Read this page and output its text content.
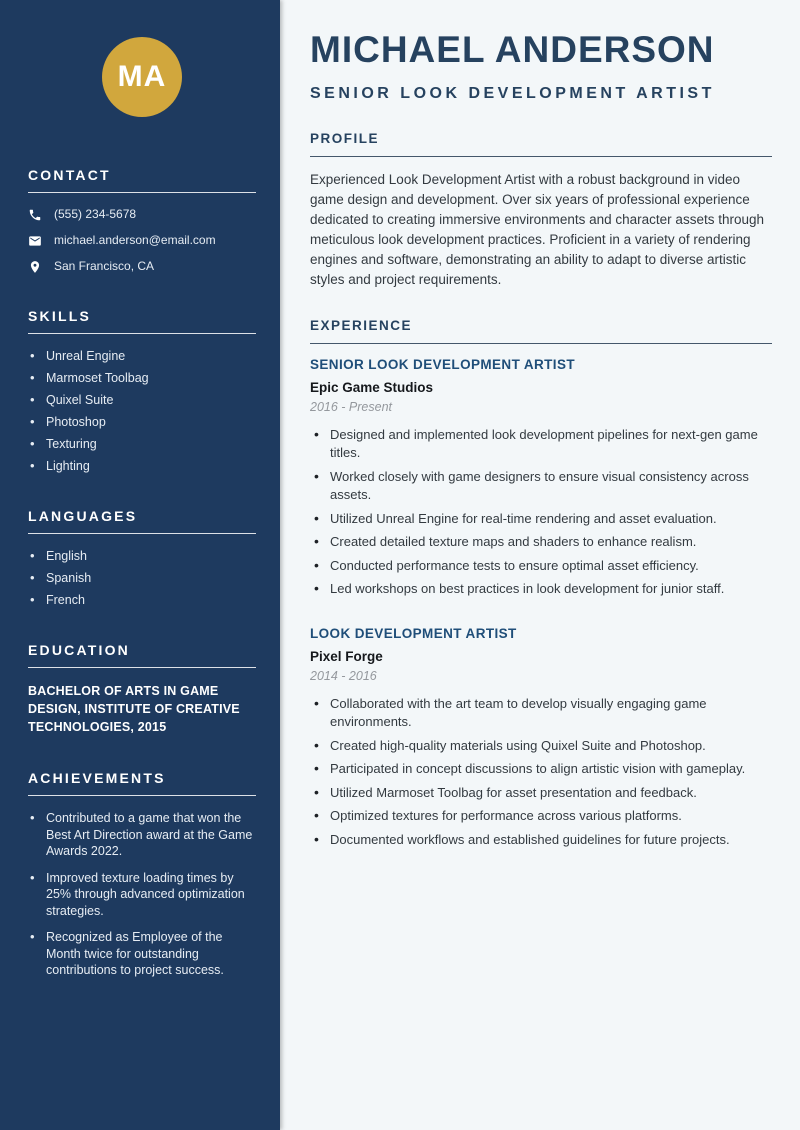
MA
CONTACT
(555) 234-5678
michael.anderson@email.com
San Francisco, CA
SKILLS
• Unreal Engine
• Marmoset Toolbag
• Quixel Suite
• Photoshop
• Texturing
• Lighting
LANGUAGES
• English
• Spanish
• French
EDUCATION

BACHELOR OF ARTS IN GAME DESIGN, INSTITUTE OF CREATIVE TECHNOLOGIES, 2015

ACHIEVEMENTS
• Contributed to a game that won the Best Art Direction award at the Game Awards 2022.
• Improved texture loading times by 25% through advanced optimization strategies.
• Recognized as Employee of the Month twice for outstanding contributions to project success.
MICHAEL ANDERSON
SENIOR LOOK DEVELOPMENT ARTIST
PROFILE

Experienced Look Development Artist with a robust background in video game design and development. Over six years of professional experience dedicated to creating immersive environments and character assets through meticulous look development practices. Proficient in a variety of rendering engines and software, demonstrating an ability to adapt to diverse artistic styles and project requirements.

EXPERIENCE
SENIOR LOOK DEVELOPMENT ARTIST
Epic Game Studios
2016 - Present
• Designed and implemented look development pipelines for next-gen game titles.
• Worked closely with game designers to ensure visual consistency across assets.
• Utilized Unreal Engine for real-time rendering and asset evaluation.
• Created detailed texture maps and shaders to enhance realism.
• Conducted performance tests to ensure optimal asset efficiency.
• Led workshops on best practices in look development for junior staff.
LOOK DEVELOPMENT ARTIST
Pixel Forge
2014 - 2016
• Collaborated with the art team to develop visually engaging game environments.
• Created high-quality materials using Quixel Suite and Photoshop.
• Participated in concept discussions to align artistic vision with gameplay.
• Utilized Marmoset Toolbag for asset presentation and feedback.
• Optimized textures for performance across various platforms.
• Documented workflows and established guidelines for future projects.
